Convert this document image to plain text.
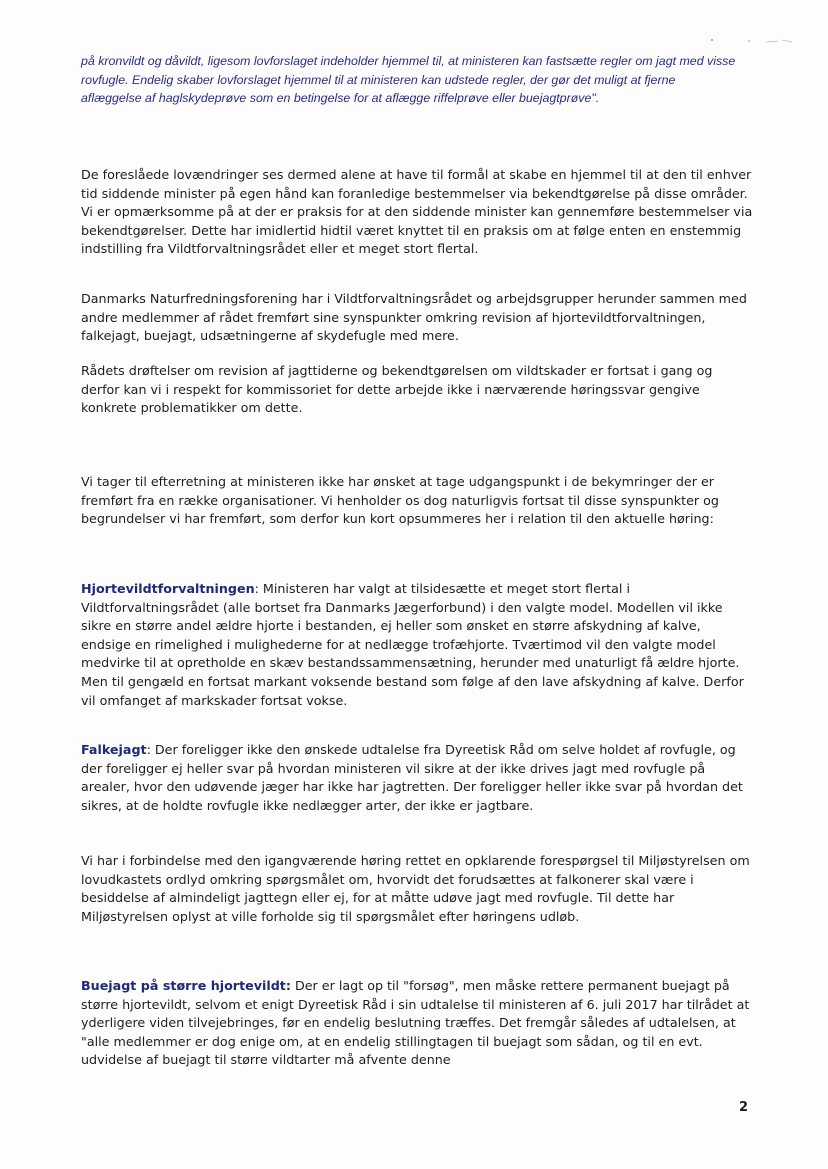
på kronvildt og dåvildt, ligesom lovforslaget indeholder hjemmel til, at ministeren kan fastsætte regler om jagt med visse rovfugle. Endelig skaber lovforslaget hjemmel til at ministeren kan udstede regler, der gør det muligt at fjerne aflæggelse af haglskydeprøve som en betingelse for at aflægge riffelprøve eller buejagtprøve".

De foreslåede lovændringer ses dermed alene at have til formål at skabe en hjemmel til at den til enhver tid siddende minister på egen hånd kan foranledige bestemmelser via bekendtgørelse på disse områder.

Vi er opmærksomme på at der er praksis for at den siddende minister kan gennemføre bestemmelser via bekendtgørelser. Dette har imidlertid hidtil været knyttet til en praksis om at følge enten en enstemmig indstilling fra Vildtforvaltningsrådet eller et meget stort flertal.

Danmarks Naturfredningsforening har i Vildtforvaltningsrådet og arbejdsgrupper herunder sammen med andre medlemmer af rådet fremført sine synspunkter omkring revision af hjortevildtforvaltningen, falkejagt, buejagt, udsætningerne af skydefugle med mere.

Rådets drøftelser om revision af jagttiderne og bekendtgørelsen om vildtskader er fortsat i gang og derfor kan vi i respekt for kommissoriet for dette arbejde ikke i nærværende høringssvar gengive konkrete problematikker om dette.

Vi tager til efterretning at ministeren ikke har ønsket at tage udgangspunkt i de bekymringer der er fremført fra en række organisationer. Vi henholder os dog naturligvis fortsat til disse synspunkter og begrundelser vi har fremført, som derfor kun kort opsummeres her i relation til den aktuelle høring:

Hjortevildtforvaltningen: Ministeren har valgt at tilsidesætte et meget stort flertal i Vildtforvaltningsrådet (alle bortset fra Danmarks Jægerforbund) i den valgte model. Modellen vil ikke sikre en større andel ældre hjorte i bestanden, ej heller som ønsket en større afskydning af kalve, endsige en rimelighed i mulighederne for at nedlægge trofæhjorte. Tværtimod vil den valgte model medvirke til at opretholde en skæv bestandssammensætning, herunder med unaturligt få ældre hjorte. Men til gengæld en fortsat markant voksende bestand som følge af den lave afskydning af kalve. Derfor vil omfanget af markskader fortsat vokse.

Falkejagt: Der foreligger ikke den ønskede udtalelse fra Dyreetisk Råd om selve holdet af rovfugle, og der foreligger ej heller svar på hvordan ministeren vil sikre at der ikke drives jagt med rovfugle på arealer, hvor den udøvende jæger har ikke har jagtretten. Der foreligger heller ikke svar på hvordan det sikres, at de holdte rovfugle ikke nedlægger arter, der ikke er jagtbare.

Vi har i forbindelse med den igangværende høring rettet en opklarende forespørgsel til Miljøstyrelsen om lovudkastets ordlyd omkring spørgsmålet om, hvorvidt det forudsættes at falkonerer skal være i besiddelse af almindeligt jagttegn eller ej, for at måtte udøve jagt med rovfugle. Til dette har Miljøstyrelsen oplyst at ville forholde sig til spørgsmålet efter høringens udløb.

Buejagt på større hjortevildt: Der er lagt op til "forsøg", men måske rettere permanent buejagt på større hjortevildt, selvom et enigt Dyreetisk Råd i sin udtalelse til ministeren af 6. juli 2017 har tilrådet at yderligere viden tilvejebringes, før en endelig beslutning træffes. Det fremgår således af udtalelsen, at "alle medlemmer er dog enige om, at en endelig stillingtagen til buejagt som sådan, og til en evt. udvidelse af buejagt til større vildtarter må afvente denne

2
